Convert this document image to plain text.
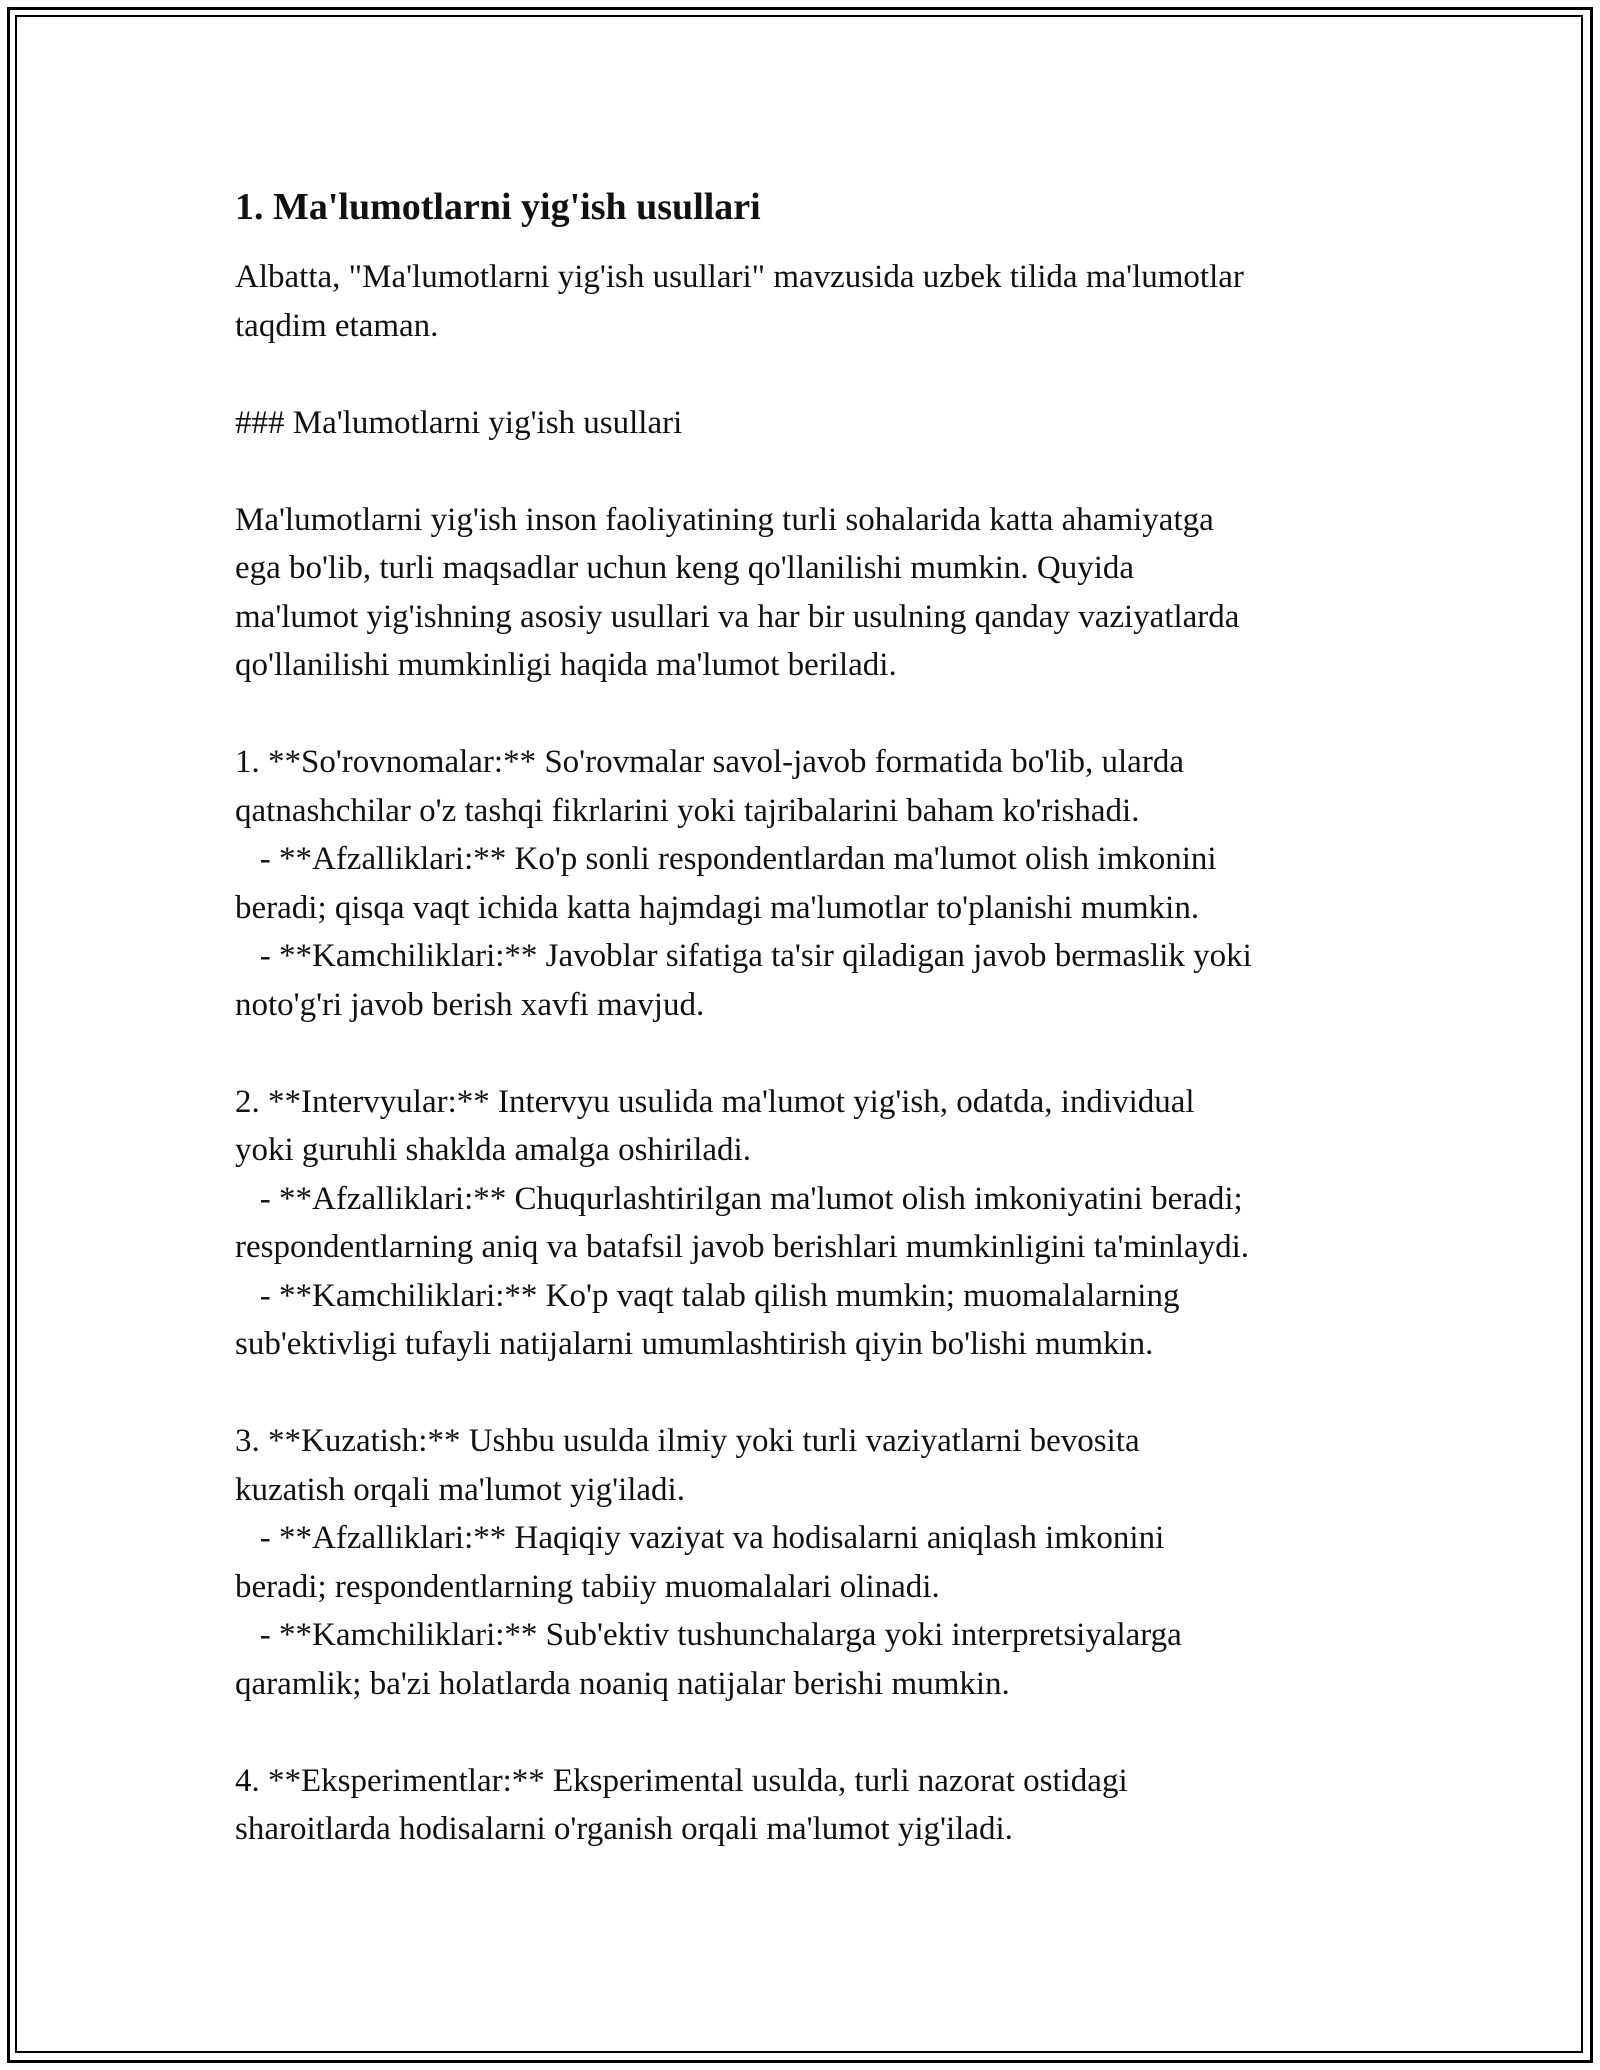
1. Ma'lumotlarni yig'ish usullari
Albatta, "Ma'lumotlarni yig'ish usullari" mavzusida uzbek tilida ma'lumotlar
taqdim etaman.
### Ma'lumotlarni yig'ish usullari
Ma'lumotlarni yig'ish inson faoliyatining turli sohalarida katta ahamiyatga
ega bo'lib, turli maqsadlar uchun keng qo'llanilishi mumkin. Quyida
ma'lumot yig'ishning asosiy usullari va har bir usulning qanday vaziyatlarda
qo'llanilishi mumkinligi haqida ma'lumot beriladi.
1. **So'rovnomalar:** So'rovmalar savol-javob formatida bo'lib, ularda
qatnashchilar o'z tashqi fikrlarini yoki tajribalarini baham ko'rishadi.
- **Afzalliklari:** Ko'p sonli respondentlardan ma'lumot olish imkonini
beradi; qisqa vaqt ichida katta hajmdagi ma'lumotlar to'planishi mumkin.
- **Kamchiliklari:** Javoblar sifatiga ta'sir qiladigan javob bermaslik yoki
noto'g'ri javob berish xavfi mavjud.
2. **Intervyular:** Intervyu usulida ma'lumot yig'ish, odatda, individual
yoki guruhli shaklda amalga oshiriladi.
- **Afzalliklari:** Chuqurlashtirilgan ma'lumot olish imkoniyatini beradi;
respondentlarning aniq va batafsil javob berishlari mumkinligini ta'minlaydi.
- **Kamchiliklari:** Ko'p vaqt talab qilish mumkin; muomalalarning
sub'ektivligi tufayli natijalarni umumlashtirish qiyin bo'lishi mumkin.
3. **Kuzatish:** Ushbu usulda ilmiy yoki turli vaziyatlarni bevosita
kuzatish orqali ma'lumot yig'iladi.
- **Afzalliklari:** Haqiqiy vaziyat va hodisalarni aniqlash imkonini
beradi; respondentlarning tabiiy muomalalari olinadi.
- **Kamchiliklari:** Sub'ektiv tushunchalarga yoki interpretsiyalarga
qaramlik; ba'zi holatlarda noaniq natijalar berishi mumkin.
4. **Eksperimentlar:** Eksperimental usulda, turli nazorat ostidagi
sharoitlarda hodisalarni o'rganish orqali ma'lumot yig'iladi.
